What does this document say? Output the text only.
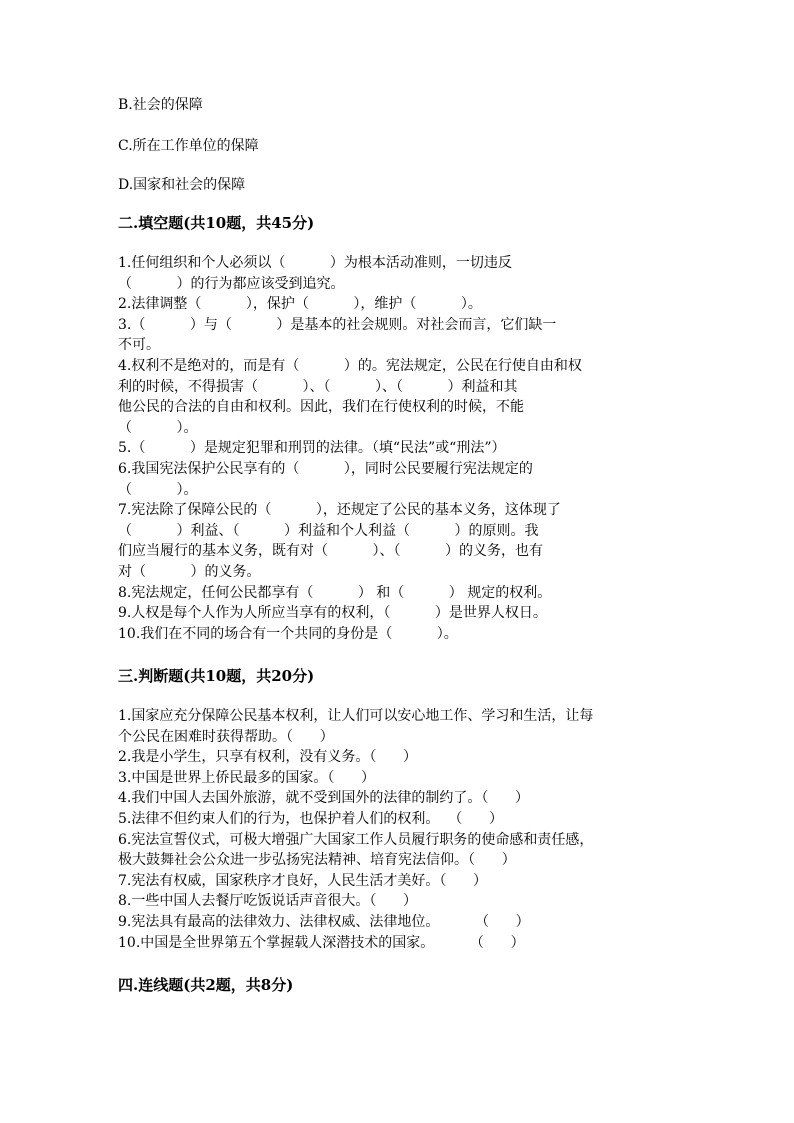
B.社会的保障
C.所在工作单位的保障
D.国家和社会的保障
二.填空题(共10题，共45分)

1.任何组织和个人必须以（          ）为根本活动准则，一切违反

（          ）的行为都应该受到追究。

2.法律调整（          ），保护（          ），维护（          ）。

3.（          ）与（          ）是基本的社会规则。对社会而言，它们缺一

不可。

4.权利不是绝对的，而是有（          ）的。宪法规定，公民在行使自由和权

利的时候，不得损害（          ）、（          ）、（          ）利益和其

他公民的合法的自由和权利。因此，我们在行使权利的时候，不能

（          ）。

5.（          ）是规定犯罪和刑罚的法律。（填“民法”或“刑法”）

6.我国宪法保护公民享有的（          ），同时公民要履行宪法规定的

（          ）。

7.宪法除了保障公民的（          ），还规定了公民的基本义务，这体现了

（          ）利益、（          ）利益和个人利益（          ）的原则。我

们应当履行的基本义务，既有对（          ）、（          ）的义务，也有

对（          ）的义务。

8.宪法规定，任何公民都享有（          ） 和（          ） 规定的权利。

9.人权是每个人作为人所应当享有的权利，（          ）是世界人权日。

10.我们在不同的场合有一个共同的身份是（          ）。

三.判断题(共10题，共20分)

1.国家应充分保障公民基本权利，让人们可以安心地工作、学习和生活，让每

个公民在困难时获得帮助。（      ）

2.我是小学生，只享有权利，没有义务。（      ）

3.中国是世界上侨民最多的国家。（      ）

4.我们中国人去国外旅游，就不受到国外的法律的制约了。（      ）

5.法律不但约束人们的行为，也保护着人们的权利。  （      ）

6.宪法宣誓仪式，可极大增强广大国家工作人员履行职务的使命感和责任感，

极大鼓舞社会公众进一步弘扬宪法精神、培育宪法信仰。（      ）

7.宪法有权威，国家秩序才良好，人民生活才美好。（      ）

8.一些中国人去餐厅吃饭说话声音很大。（      ）

9.宪法具有最高的法律效力、法律权威、法律地位。        （      ）

10.中国是全世界第五个掌握载人深潜技术的国家。        （      ）

四.连线题(共2题，共8分)
